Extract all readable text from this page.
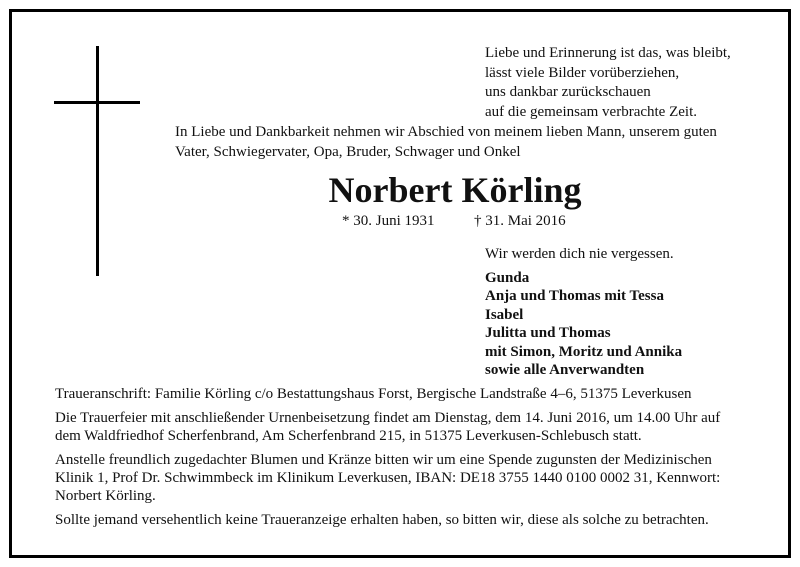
Liebe und Erinnerung ist das, was bleibt,
lässt viele Bilder vorüberziehen,
uns dankbar zurückschauen
auf die gemeinsam verbrachte Zeit.
In Liebe und Dankbarkeit nehmen wir Abschied von meinem lieben Mann, unserem guten
Vater, Schwiegervater, Opa, Bruder, Schwager und Onkel
Norbert Körling
* 30. Juni 1931	† 31. Mai 2016
Wir werden dich nie vergessen.
Gunda
Anja und Thomas mit Tessa
Isabel
Julitta und Thomas
mit Simon, Moritz und Annika
sowie alle Anverwandten

Traueranschrift: Familie Körling c/o Bestattungshaus Forst, Bergische Landstraße 4–6, 51375 Leverkusen

Die Trauerfeier mit anschließender Urnenbeisetzung findet am Dienstag, dem 14. Juni 2016, um 14.00 Uhr auf
dem Waldfriedhof Scherfenbrand, Am Scherfenbrand 215, in 51375 Leverkusen-Schlebusch statt.

Anstelle freundlich zugedachter Blumen und Kränze bitten wir um eine Spende zugunsten der Medizinischen
Klinik 1, Prof Dr. Schwimmbeck im Klinikum Leverkusen, IBAN: DE18 3755 1440 0100 0002 31, Kennwort:
Norbert Körling.

Sollte jemand versehentlich keine Traueranzeige erhalten haben, so bitten wir, diese als solche zu betrachten.
